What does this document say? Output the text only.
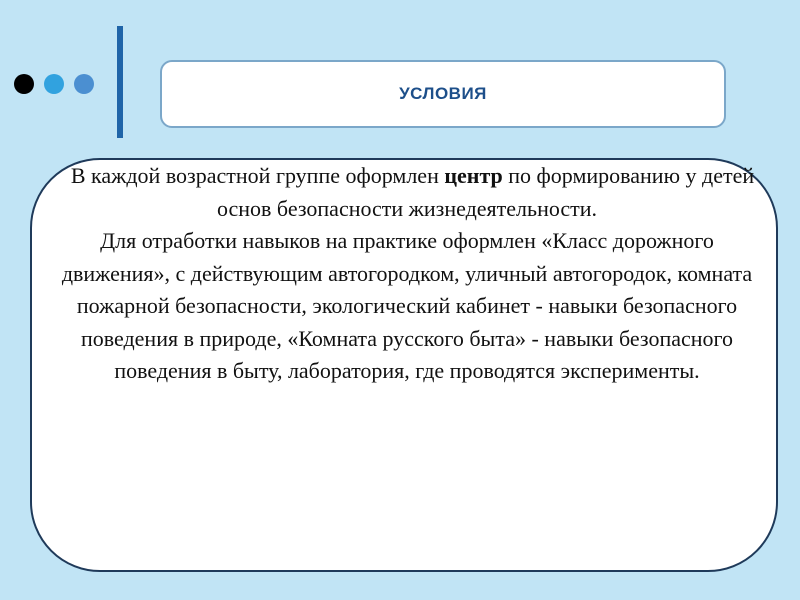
УСЛОВИЯ

В каждой возрастной группе оформлен центр по формированию у детей основ безопасности жизнедеятельности.

Для отработки навыков на практике оформлен «Класс дорожного движения», с действующим автогородком, уличный автогородок, комната пожарной безопасности, экологический кабинет - навыки безопасного поведения в природе, «Комната русского быта» - навыки безопасного поведения в быту, лаборатория, где проводятся эксперименты.
